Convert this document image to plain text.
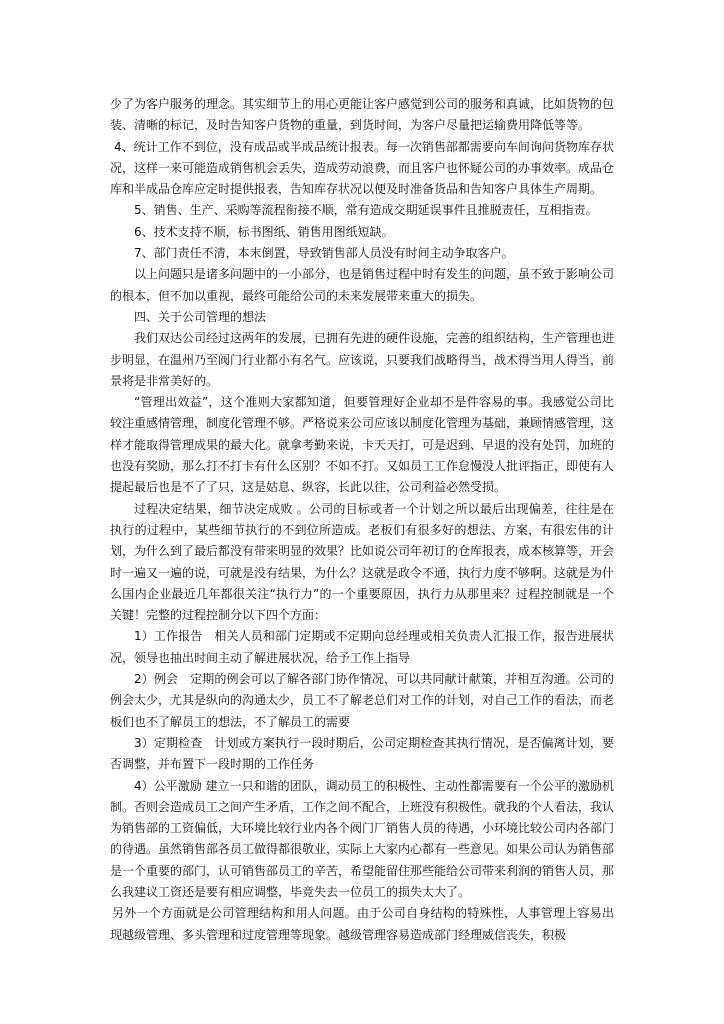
少了为客户服务的理念。其实细节上的用心更能让客户感觉到公司的服务和真诚，比如货物的包装、清晰的标记，及时告知客户货物的重量，到货时间，为客户尽量把运输费用降低等等。

4、统计工作不到位，没有成品或半成品统计报表。每一次销售部都需要向车间询问货物库存状况，这样一来可能造成销售机会丢失，造成劳动浪费，而且客户也怀疑公司的办事效率。成品仓库和半成品仓库应定时提供报表，告知库存状况以便及时准备货品和告知客户具体生产周期。

5、销售、生产、采购等流程衔接不顺，常有造成交期延误事件且推脱责任，互相指责。

6、技术支持不顺，标书图纸、销售用图纸短缺。

7、部门责任不清，本末倒置，导致销售部人员没有时间主动争取客户。

以上问题只是诸多问题中的一小部分，也是销售过程中时有发生的问题，虽不致于影响公司的根本，但不加以重视，最终可能给公司的未来发展带来重大的损失。

四、关于公司管理的想法

我们双达公司经过这两年的发展，已拥有先进的硬件设施，完善的组织结构，生产管理也进步明显，在温州乃至阀门行业都小有名气。应该说，只要我们战略得当，战术得当用人得当，前景将是非常美好的。

“管理出效益”，这个准则大家都知道，但要管理好企业却不是件容易的事。我感觉公司比较注重感情管理，制度化管理不够。严格说来公司应该以制度化管理为基础，兼顾情感管理，这样才能取得管理成果的最大化。就拿考勤来说，卡天天打，可是迟到、早退的没有处罚，加班的也没有奖励，那么打不打卡有什么区别？不如不打。又如员工工作怠慢没人批评指正，即使有人提起最后也是不了了只，这是姑息、纵容，长此以往，公司利益必然受损。

过程决定结果，细节决定成败 。公司的目标或者一个计划之所以最后出现偏差，往往是在执行的过程中，某些细节执行的不到位所造成。老板们有很多好的想法、方案，有很宏伟的计划，为什么到了最后都没有带来明显的效果？比如说公司年初订的仓库报表，成本核算等，开会时一遍又一遍的说，可就是没有结果，为什么？这就是政令不通，执行力度不够啊。这就是为什么国内企业最近几年都很关注“执行力”的一个重要原因，执行力从那里来？过程控制就是一个关键！完整的过程控制分以下四个方面：

1）工作报告　相关人员和部门定期或不定期向总经理或相关负责人汇报工作，报告进展状况，领导也抽出时间主动了解进展状况，给予工作上指导

2）例会　定期的例会可以了解各部门协作情况，可以共同献计献策，并相互沟通。公司的例会太少，尤其是纵向的沟通太少，员工不了解老总们对工作的计划，对自己工作的看法，而老板们也不了解员工的想法，不了解员工的需要

3）定期检查　计划或方案执行一段时期后，公司定期检查其执行情况，是否偏离计划，要否调整，并布置下一段时期的工作任务

4）公平激励 建立一只和谐的团队，调动员工的积极性、主动性都需要有一个公平的激励机制。否则会造成员工之间产生矛盾，工作之间不配合，上班没有积极性。就我的个人看法，我认为销售部的工资偏低，大环境比较行业内各个阀门厂销售人员的待遇，小环境比较公司内各部门的待遇。虽然销售部各员工做得都很敬业，实际上大家内心都有一些意见。如果公司认为销售部是一个重要的部门，认可销售部员工的辛苦，希望能留住那些能给公司带来利润的销售人员，那么我建议工资还是要有相应调整，毕竟失去一位员工的损失太大了。

另外一个方面就是公司管理结构和用人问题。由于公司自身结构的特殊性，人事管理上容易出现越级管理、多头管理和过度管理等现象。越级管理容易造成部门经理威信丧失，积极
